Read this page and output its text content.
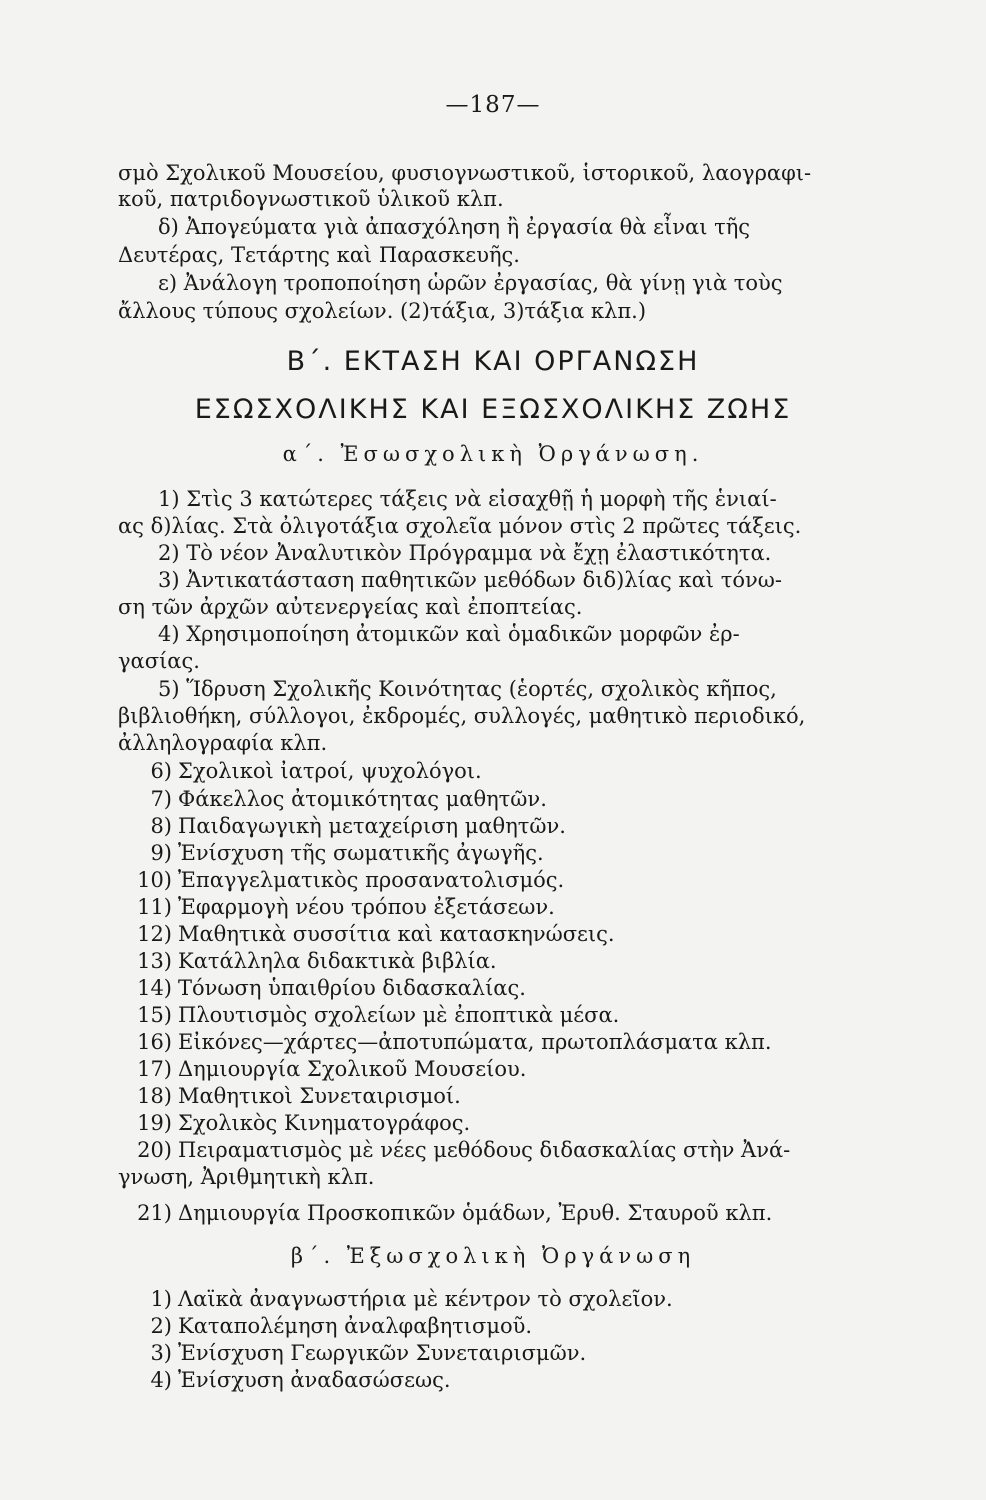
—187—
σμὸ Σχολικοῦ Μουσείου, φυσιογνωστικοῦ, ἱστορικοῦ, λαογραφι-
κοῦ, πατριδογνωστικοῦ ὑλικοῦ κλπ.
δ) Ἀπογεύματα γιὰ ἀπασχόληση ἢ ἐργασία θὰ εἶναι τῆς
Δευτέρας, Τετάρτης καὶ Παρασκευῆς.
ε) Ἀνάλογη τροποποίηση ὡρῶν ἐργασίας, θὰ γίνῃ γιὰ τοὺς
ἄλλους τύπους σχολείων. (2)τάξια, 3)τάξια κλπ.)
Β΄. ΕΚΤΑΣΗ ΚΑΙ ΟΡΓΑΝΩΣΗ
ΕΣΩΣΧΟΛΙΚΗΣ ΚΑΙ ΕΞΩΣΧΟΛΙΚΗΣ ΖΩΗΣ
α΄. Ἐσωσχολικὴ Ὀργάνωση.
1) Στὶς 3 κατώτερες τάξεις νὰ εἰσαχθῇ ἡ μορφὴ τῆς ἑνιαί-
ας δ)λίας. Στὰ ὀλιγοτάξια σχολεῖα μόνον στὶς 2 πρῶτες τάξεις.
2) Τὸ νέον Ἀναλυτικὸν Πρόγραμμα νὰ ἔχῃ ἐλαστικότητα.
3) Ἀντικατάσταση παθητικῶν μεθόδων διδ)λίας καὶ τόνω-
ση τῶν ἀρχῶν αὐτενεργείας καὶ ἐποπτείας.
4) Χρησιμοποίηση ἀτομικῶν καὶ ὁμαδικῶν μορφῶν ἐρ-
γασίας.
5) Ἵδρυση Σχολικῆς Κοινότητας (ἑορτές, σχολικὸς κῆπος,
βιβλιοθήκη, σύλλογοι, ἐκδρομές, συλλογές, μαθητικὸ περιοδικό,
ἀλληλογραφία κλπ.
6) Σχολικοὶ ἰατροί, ψυχολόγοι.
7) Φάκελλος ἀτομικότητας μαθητῶν.
8) Παιδαγωγικὴ μεταχείριση μαθητῶν.
9) Ἐνίσχυση τῆς σωματικῆς ἀγωγῆς.
10) Ἐπαγγελματικὸς προσανατολισμός.
11) Ἐφαρμογὴ νέου τρόπου ἐξετάσεων.
12) Μαθητικὰ συσσίτια καὶ κατασκηνώσεις.
13) Κατάλληλα διδακτικὰ βιβλία.
14) Τόνωση ὑπαιθρίου διδασκαλίας.
15) Πλουτισμὸς σχολείων μὲ ἐποπτικὰ μέσα.
16) Εἰκόνες—χάρτες—ἀποτυπώματα, πρωτοπλάσματα κλπ.
17) Δημιουργία Σχολικοῦ Μουσείου.
18) Μαθητικοὶ Συνεταιρισμοί.
19) Σχολικὸς Κινηματογράφος.
20) Πειραματισμὸς μὲ νέες μεθόδους διδασκαλίας στὴν Ἀνά-
γνωση, Ἀριθμητικὴ κλπ.
21) Δημιουργία Προσκοπικῶν ὁμάδων, Ἐρυθ. Σταυροῦ κλπ.
β΄. Ἐξωσχολικὴ Ὀργάνωση
1) Λαϊκὰ ἀναγνωστήρια μὲ κέντρον τὸ σχολεῖον.
2) Καταπολέμηση ἀναλφαβητισμοῦ.
3) Ἐνίσχυση Γεωργικῶν Συνεταιρισμῶν.
4) Ἐνίσχυση ἀναδασώσεως.
